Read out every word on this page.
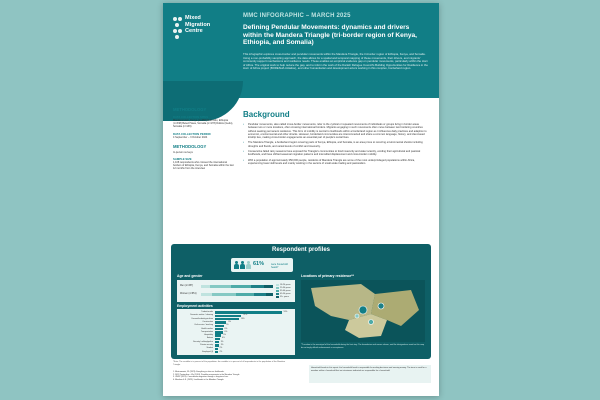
Mixed
Migration
Centre
MMC INFOGRAPHIC – MARCH 2025
Defining Pendular Movements: dynamics and drivers within the Mandera Triangle (tri-border region of Kenya, Ethiopia, and Somalia)
This infographic explores cross-border and pendular movements within the Mandera Triangle, the tri-border region of Ethiopia, Kenya, and Somalia. Using a non-probability sampling approach, the data allows for a spatial and temporal mapping of these movements, their drivers, and migrants' community support mechanisms and resilience needs. These enables an empirical evidence gap on pendular movements, particularly within the Horn of Africa. The original work to help reduce the gap, and to inform the work of the Danish Refugee Council's Building Opportunities for Resilience in the Horn of Africa project (BORESHA initiative), and other humanitarian and development actors working in this complex, borderland region.
METHODOLOGY
DATA COLLECTION SITES
Mandera town, Kenya (n=456) Dolo Ado, Ethiopia (n=338) Beled Hawa, Somalia (n=178) Dollow (Gedo), Somalia (n=136)
DATA COLLECTION PERIOD
4 September – 3 October 2024
METHODOLOGY
In-person surveys
SAMPLE SIZE
1,108 respondents who crossed the international borders of Ethiopia, Kenya, and Somalia within the last 12 months from the interview
Background
•	Pendular movements, also called cross-border movements, refer to the cyclical or repeated movements of individuals or groups living in border areas between two or more locations, often crossing international borders. Migrants engaging in such movements often move between two bordering countries without seeking permanent residence. This form of mobility is central to livelihoods within a borderland region as it influences daily practices and adaption to economic, environmental and other shocks. However, borderland communities are interconnected and share a common language, history, and clan-based kinship ties, making cross-border engagements an essential part of people's social lives.
•	The Mandera Triangle, a borderland region covering parts of Kenya, Ethiopia, and Somalia, is an area prone to recurring environmental shocks including droughts and floods, and varied levels of conflict and insecurity.
•	Consecutive failed rainy seasons have exposed the Triangle's communities to food insecurity and water scarcity, eroding their agricultural and pastoral livelihoods, and have shifted seasonal migration patterns and intensified displacement and cross-border mobility.
•	With a population of approximately 350,000 people, residents of Mandera Triangle are some of the most underprivileged populations within Africa, experiencing lower skill levels and mainly working in the sectors of small-scale trading and pastoralism.
Respondent profiles
61%	were household heads*
Age and gender
Men (n=457)
Women (n=651)
18-24 years
25-34 years
35-44 years
45-54 years
55+ years
Employment activities
Trader/vendor	53%
Domestic worker / cleaning	21%
Farmer/herder/agriculture	19%
Construction	9%
Civil service / teaching	7%
Health worker	6%
Transportation	6%
Hospitality	5%
Artisan	4%
Security / military/police	3%
Private security	3%
Student	2%
Employed (f)	2%
Locations of primary residence**
**Location is the municipal of the household during the last stay. The boundaries and names shown, and the designations used on this map do not imply official endorsement or acceptance.
*Note: The variable is in percent of the population: the variable is in percent of all respondents in the population of the Mandera Triangle.
Household heads in this report: the household head is responsible for making decisions and earning money. The term is used for a member within a household that an interviewer indicated are responsible for a household.
1. Mastromarini, W. (2023). Everything is also our livelihoods.
2. DRC Pastoralism - KIs (2024). Pendular movements in the Mandera Triangle.
3. UNDP (2023). Cross-border migration through a long-term lens.
4. Mandera & K. (2023). Livelihoods in the Mandera Triangle.
